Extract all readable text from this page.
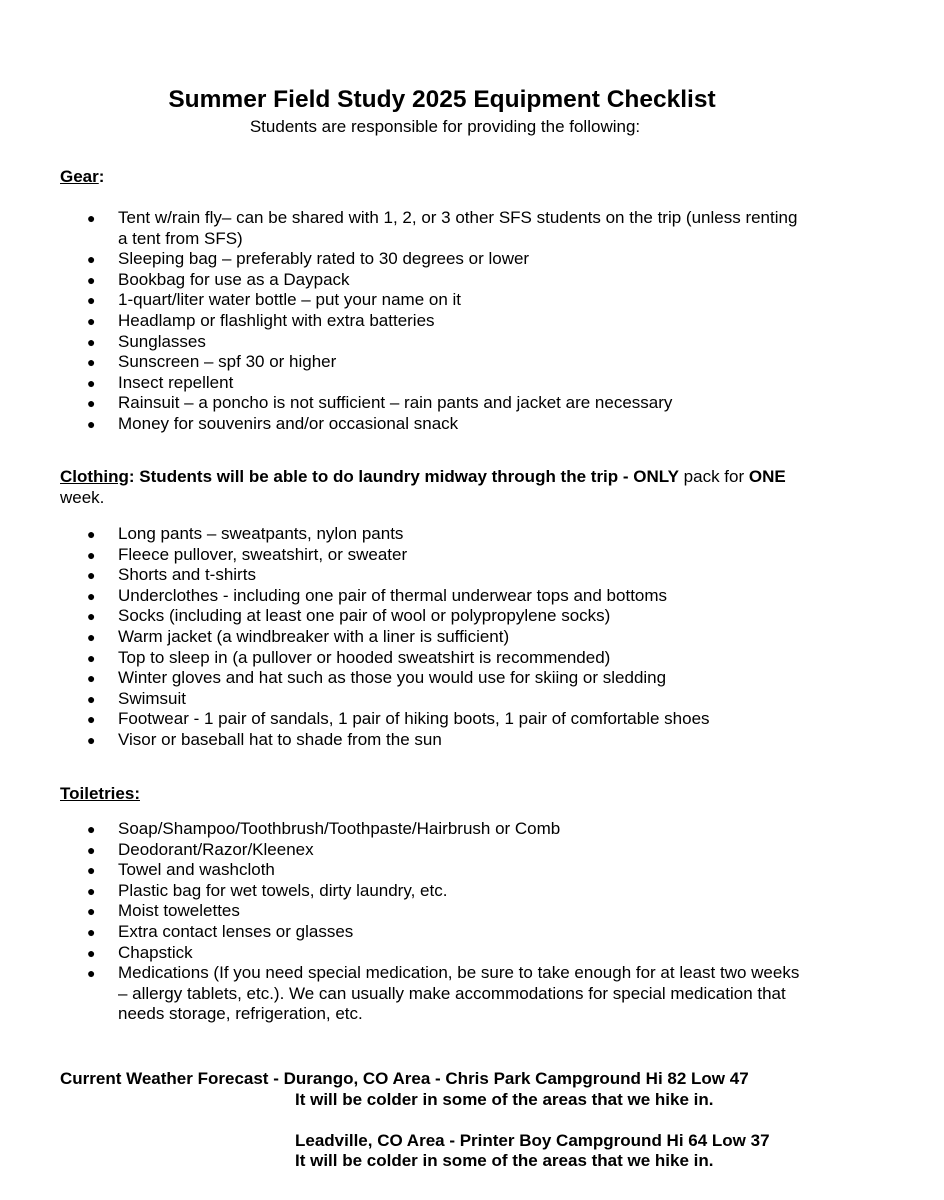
Summer Field Study 2025 Equipment Checklist

Students are responsible for providing the following:

Gear:

● Tent w/rain fly– can be shared with 1, 2, or 3 other SFS students on the trip (unless renting a tent from SFS)
● Sleeping bag – preferably rated to 30 degrees or lower
● Bookbag for use as a Daypack
● 1-quart/liter water bottle – put your name on it
● Headlamp or flashlight with extra batteries
● Sunglasses
● Sunscreen – spf 30 or higher
● Insect repellent
● Rainsuit – a poncho is not sufficient – rain pants and jacket are necessary
● Money for souvenirs and/or occasional snack

Clothing: Students will be able to do laundry midway through the trip - ONLY pack for ONE week.

● Long pants – sweatpants, nylon pants
● Fleece pullover, sweatshirt, or sweater
● Shorts and t-shirts
● Underclothes - including one pair of thermal underwear tops and bottoms
● Socks (including at least one pair of wool or polypropylene socks)
● Warm jacket (a windbreaker with a liner is sufficient)
● Top to sleep in (a pullover or hooded sweatshirt is recommended)
● Winter gloves and hat such as those you would use for skiing or sledding
● Swimsuit
● Footwear - 1 pair of sandals, 1 pair of hiking boots, 1 pair of comfortable shoes
● Visor or baseball hat to shade from the sun

Toiletries:

● Soap/Shampoo/Toothbrush/Toothpaste/Hairbrush or Comb
● Deodorant/Razor/Kleenex
● Towel and washcloth
● Plastic bag for wet towels, dirty laundry, etc.
● Moist towelettes
● Extra contact lenses or glasses
● Chapstick
● Medications (If you need special medication, be sure to take enough for at least two weeks – allergy tablets, etc.). We can usually make accommodations for special medication that needs storage, refrigeration, etc.
Current Weather Forecast - Durango, CO Area - Chris Park Campground Hi 82 Low 47
It will be colder in some of the areas that we hike in.
Leadville, CO Area - Printer Boy Campground Hi 64 Low 37
It will be colder in some of the areas that we hike in.
